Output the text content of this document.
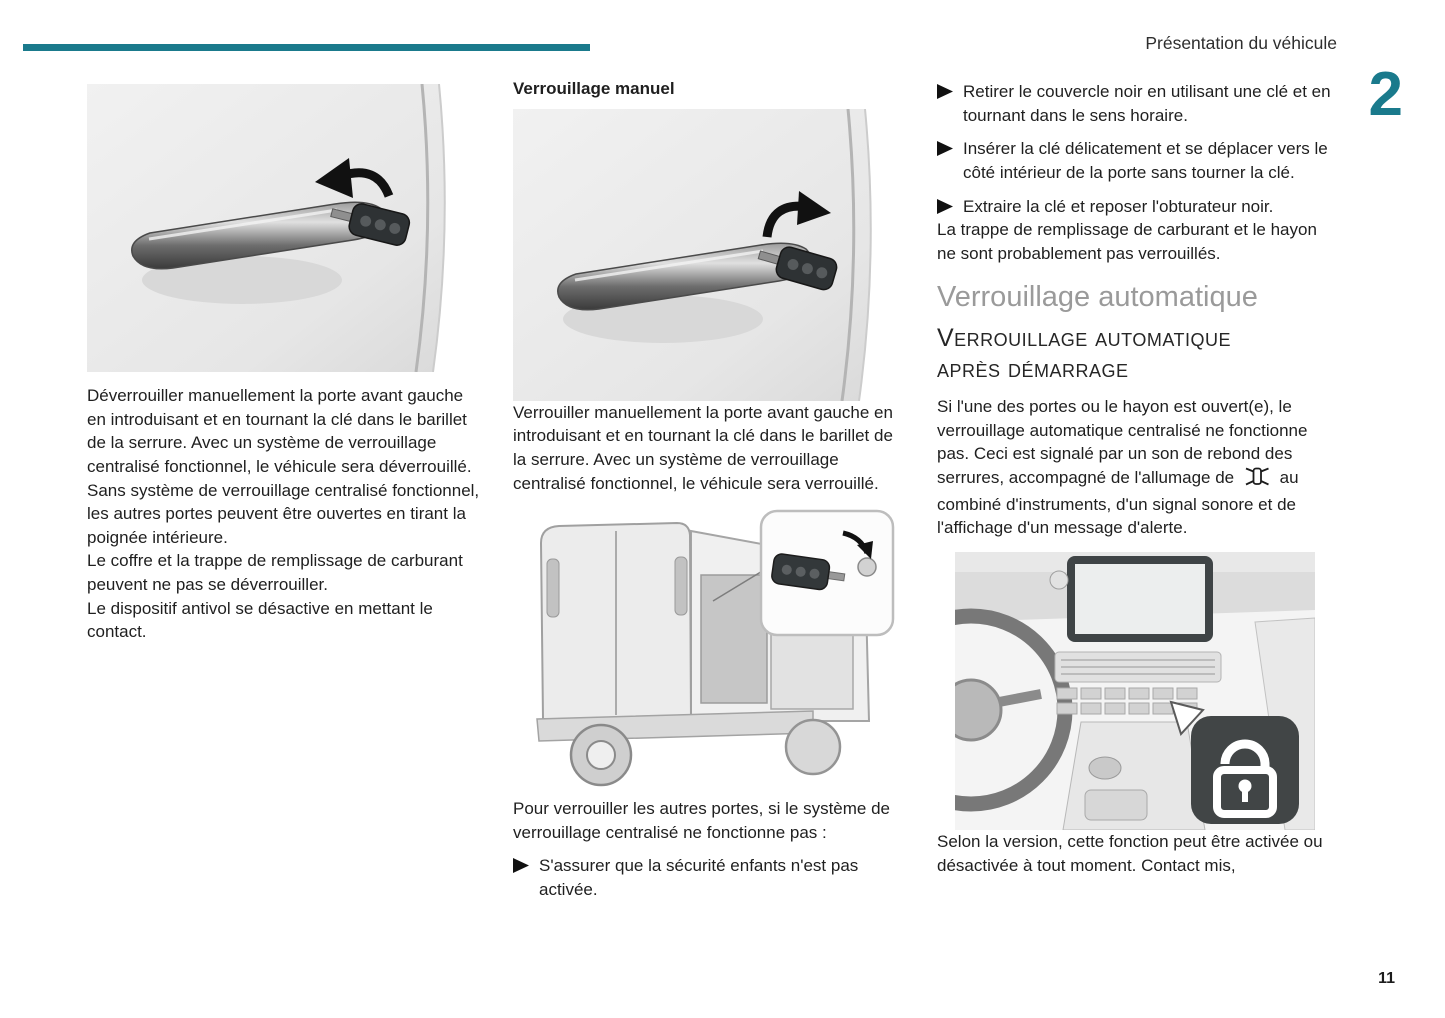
Présentation du véhicule
2

Déverrouiller manuellement la porte avant gauche en introduisant et en tournant la clé dans le barillet de la serrure. Avec un système de verrouillage centralisé fonctionnel, le véhicule sera déverrouillé.

Sans système de verrouillage centralisé fonctionnel, les autres portes peuvent être ouvertes en tirant la poignée intérieure.

Le coffre et la trappe de remplissage de carburant peuvent ne pas se déverrouiller.

Le dispositif antivol se désactive en mettant le contact.

Verrouillage manuel

Verrouiller manuellement la porte avant gauche en introduisant et en tournant la clé dans le barillet de la serrure. Avec un système de verrouillage centralisé fonctionnel, le véhicule sera verrouillé.

Pour verrouiller les autres portes, si le système de verrouillage centralisé ne fonctionne pas :

S'assurer que la sécurité enfants n'est pas activée.
Retirer le couvercle noir en utilisant une clé et en tournant dans le sens horaire.
Insérer la clé délicatement et se déplacer vers le côté intérieur de la porte sans tourner la clé.
Extraire la clé et reposer l'obturateur noir.

La trappe de remplissage de carburant et le hayon ne sont probablement pas verrouillés.

Verrouillage automatique
Verrouillage automatique après démarrage

Si l'une des portes ou le hayon est ouvert(e), le verrouillage automatique centralisé ne fonctionne pas. Ceci est signalé par un son de rebond des serrures, accompagné de l'allumage de	au combiné d'instruments, d'un signal sonore et de l'affichage d'un message d'alerte.

Selon la version, cette fonction peut être activée ou désactivée à tout moment. Contact mis,

11
